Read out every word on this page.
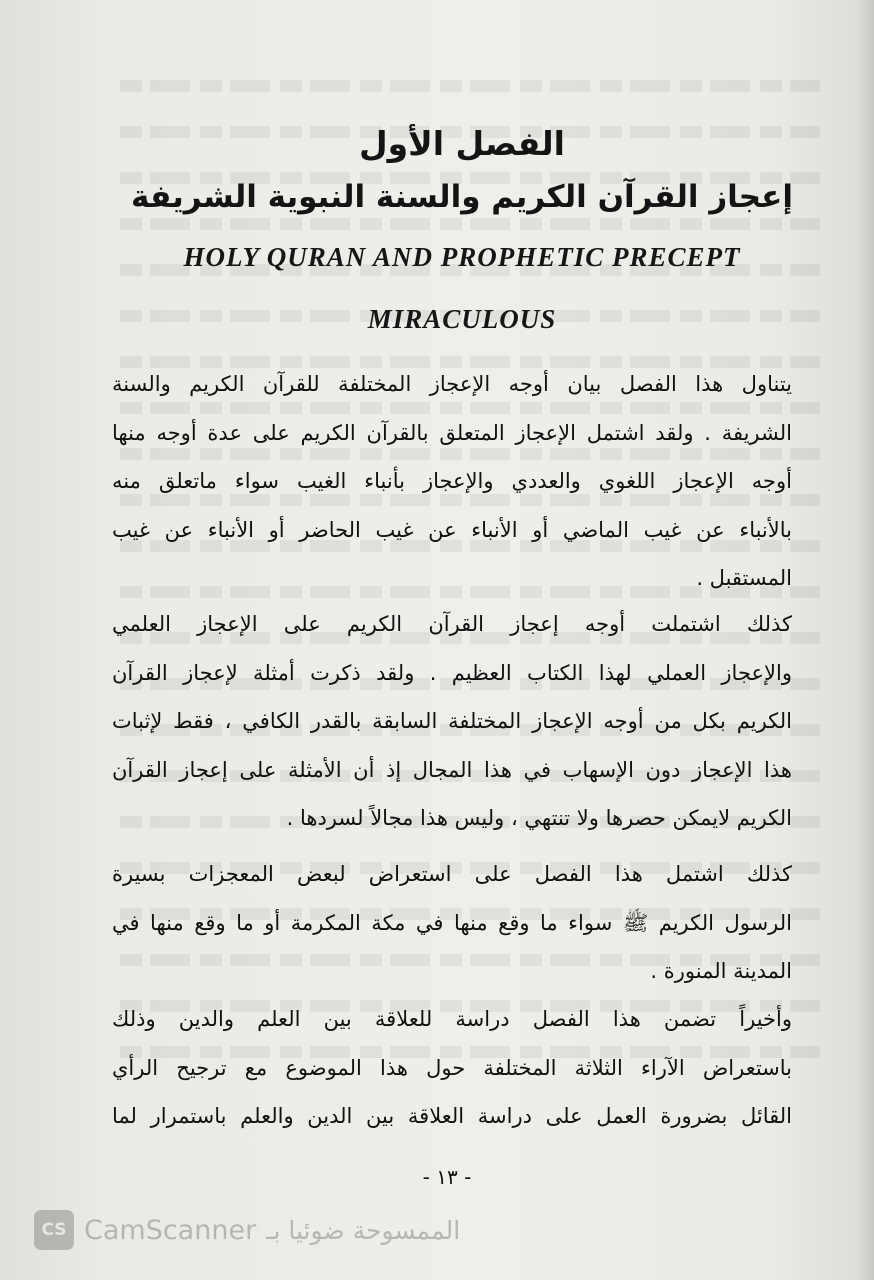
الفصل الأول
إعجاز القرآن الكريم والسنة النبوية الشريفة
HOLY QURAN AND PROPHETIC PRECEPT
MIRACULOUS
يتناول هذا الفصل بيان أوجه الإعجاز المختلفة للقرآن الكريم والسنة
الشريفة . ولقد اشتمل الإعجاز المتعلق بالقرآن الكريم على عدة أوجه منها
أوجه الإعجاز اللغوي والعددي والإعجاز بأنباء الغيب سواء ماتعلق منه
بالأنباء عن غيب الماضي أو الأنباء عن غيب الحاضر أو الأنباء عن غيب
المستقبل .
كذلك اشتملت أوجه إعجاز القرآن الكريم على الإعجاز العلمي
والإعجاز العملي لهذا الكتاب العظيم . ولقد ذكرت أمثلة لإعجاز القرآن
الكريم بكل من أوجه الإعجاز المختلفة السابقة بالقدر الكافي ، فقط لإثبات
هذا الإعجاز دون الإسهاب في هذا المجال إذ أن الأمثلة على إعجاز القرآن
الكريم لايمكن حصرها ولا تنتهي ، وليس هذا مجالاً لسردها .
كذلك اشتمل هذا الفصل على استعراض لبعض المعجزات بسيرة
الرسول الكريم ﷺ سواء ما وقع منها في مكة المكرمة أو ما وقع منها في
المدينة المنورة .
وأخيراً تضمن هذا الفصل دراسة للعلاقة بين العلم والدين وذلك
باستعراض الآراء الثلاثة المختلفة حول هذا الموضوع مع ترجيح الرأي
القائل بضرورة العمل على دراسة العلاقة بين الدين والعلم باستمرار لما
- ١٣ -
CS CamScanner الممسوحة ضوئيا بـ
